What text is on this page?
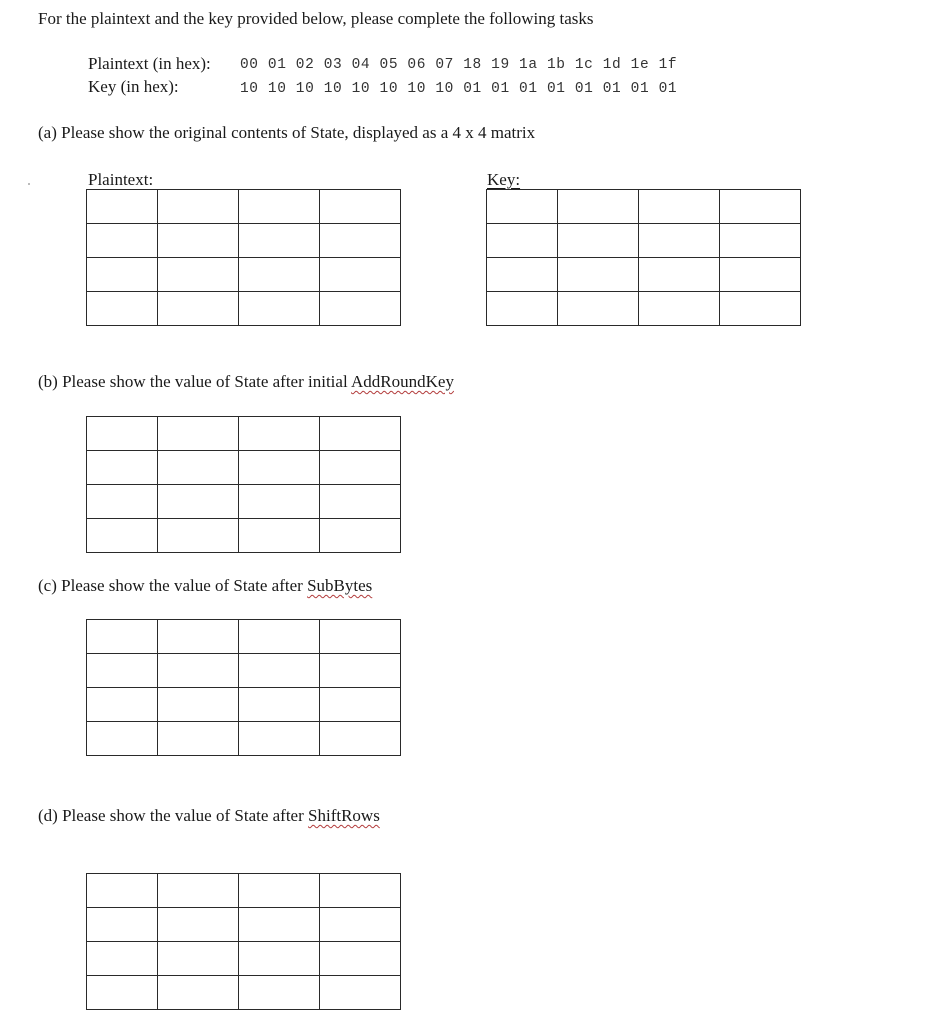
For the plaintext and the key provided below, please complete the following tasks
Plaintext (in hex): 00 01 02 03 04 05 06 07 18 19 1a 1b 1c 1d 1e 1f
Key (in hex):	10 10 10 10 10 10 10 10 01 01 01 01 01 01 01 01
(a) Please show the original contents of State, displayed as a 4 x 4 matrix
Plaintext:	Key:

(b) Please show the value of State after initial AddRoundKey

(c) Please show the value of State after SubBytes

(d) Please show the value of State after ShiftRows
